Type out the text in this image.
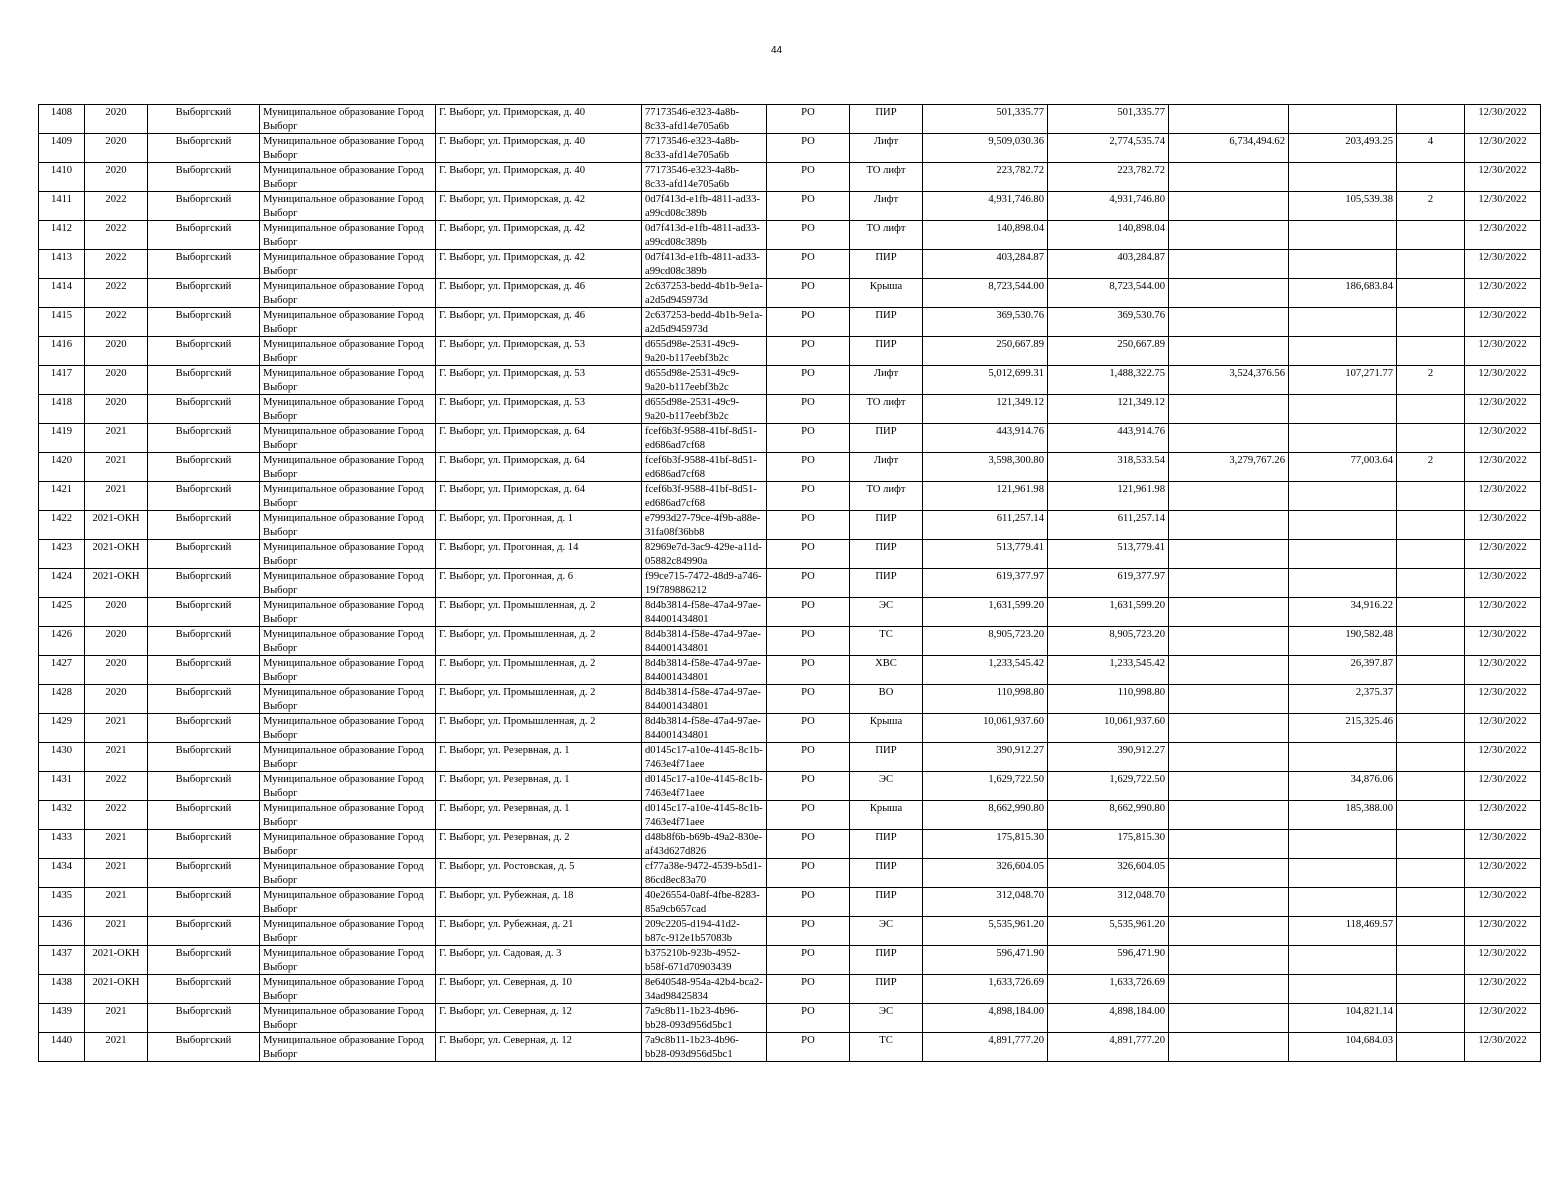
44
1408	2020	Выборгский	Муниципальное образование Город Выборг	Г. Выборг, ул. Приморская, д. 40	77173546-e323-4a8b-8c33-afd14e705a6b	РО	ПИР	501,335.77	501,335.77				12/30/2022
1409	2020	Выборгский	Муниципальное образование Город Выборг	Г. Выборг, ул. Приморская, д. 40	77173546-e323-4a8b-8c33-afd14e705a6b	РО	Лифт	9,509,030.36	2,774,535.74	6,734,494.62	203,493.25	4	12/30/2022
1410	2020	Выборгский	Муниципальное образование Город Выборг	Г. Выборг, ул. Приморская, д. 40	77173546-e323-4a8b-8c33-afd14e705a6b	РО	ТО лифт	223,782.72	223,782.72				12/30/2022
1411	2022	Выборгский	Муниципальное образование Город Выборг	Г. Выборг, ул. Приморская, д. 42	0d7f413d-e1fb-4811-ad33-a99cd08c389b	РО	Лифт	4,931,746.80	4,931,746.80		105,539.38	2	12/30/2022
1412	2022	Выборгский	Муниципальное образование Город Выборг	Г. Выборг, ул. Приморская, д. 42	0d7f413d-e1fb-4811-ad33-a99cd08c389b	РО	ТО лифт	140,898.04	140,898.04				12/30/2022
1413	2022	Выборгский	Муниципальное образование Город Выборг	Г. Выборг, ул. Приморская, д. 42	0d7f413d-e1fb-4811-ad33-a99cd08c389b	РО	ПИР	403,284.87	403,284.87				12/30/2022
1414	2022	Выборгский	Муниципальное образование Город Выборг	Г. Выборг, ул. Приморская, д. 46	2c637253-bedd-4b1b-9e1a-a2d5d945973d	РО	Крыша	8,723,544.00	8,723,544.00		186,683.84		12/30/2022
1415	2022	Выборгский	Муниципальное образование Город Выборг	Г. Выборг, ул. Приморская, д. 46	2c637253-bedd-4b1b-9e1a-a2d5d945973d	РО	ПИР	369,530.76	369,530.76				12/30/2022
1416	2020	Выборгский	Муниципальное образование Город Выборг	Г. Выборг, ул. Приморская, д. 53	d655d98e-2531-49c9-9a20-b117eebf3b2c	РО	ПИР	250,667.89	250,667.89				12/30/2022
1417	2020	Выборгский	Муниципальное образование Город Выборг	Г. Выборг, ул. Приморская, д. 53	d655d98e-2531-49c9-9a20-b117eebf3b2c	РО	Лифт	5,012,699.31	1,488,322.75	3,524,376.56	107,271.77	2	12/30/2022
1418	2020	Выборгский	Муниципальное образование Город Выборг	Г. Выборг, ул. Приморская, д. 53	d655d98e-2531-49c9-9a20-b117eebf3b2c	РО	ТО лифт	121,349.12	121,349.12				12/30/2022
1419	2021	Выборгский	Муниципальное образование Город Выборг	Г. Выборг, ул. Приморская, д. 64	fcef6b3f-9588-41bf-8d51-ed686ad7cf68	РО	ПИР	443,914.76	443,914.76				12/30/2022
1420	2021	Выборгский	Муниципальное образование Город Выборг	Г. Выборг, ул. Приморская, д. 64	fcef6b3f-9588-41bf-8d51-ed686ad7cf68	РО	Лифт	3,598,300.80	318,533.54	3,279,767.26	77,003.64	2	12/30/2022
1421	2021	Выборгский	Муниципальное образование Город Выборг	Г. Выборг, ул. Приморская, д. 64	fcef6b3f-9588-41bf-8d51-ed686ad7cf68	РО	ТО лифт	121,961.98	121,961.98				12/30/2022
1422	2021-ОКН	Выборгский	Муниципальное образование Город Выборг	Г. Выборг, ул. Прогонная, д. 1	e7993d27-79ce-4f9b-a88e-31fa08f36bb8	РО	ПИР	611,257.14	611,257.14				12/30/2022
1423	2021-ОКН	Выборгский	Муниципальное образование Город Выборг	Г. Выборг, ул. Прогонная, д. 14	82969e7d-3ac9-429e-a11d-05882c84990a	РО	ПИР	513,779.41	513,779.41				12/30/2022
1424	2021-ОКН	Выборгский	Муниципальное образование Город Выборг	Г. Выборг, ул. Прогонная, д. 6	f99ce715-7472-48d9-a746-19f789886212	РО	ПИР	619,377.97	619,377.97				12/30/2022
1425	2020	Выборгский	Муниципальное образование Город Выборг	Г. Выборг, ул. Промышленная, д. 2	8d4b3814-f58e-47a4-97ae-844001434801	РО	ЭС	1,631,599.20	1,631,599.20		34,916.22		12/30/2022
1426	2020	Выборгский	Муниципальное образование Город Выборг	Г. Выборг, ул. Промышленная, д. 2	8d4b3814-f58e-47a4-97ae-844001434801	РО	ТС	8,905,723.20	8,905,723.20		190,582.48		12/30/2022
1427	2020	Выборгский	Муниципальное образование Город Выборг	Г. Выборг, ул. Промышленная, д. 2	8d4b3814-f58e-47a4-97ae-844001434801	РО	ХВС	1,233,545.42	1,233,545.42		26,397.87		12/30/2022
1428	2020	Выборгский	Муниципальное образование Город Выборг	Г. Выборг, ул. Промышленная, д. 2	8d4b3814-f58e-47a4-97ae-844001434801	РО	ВО	110,998.80	110,998.80		2,375.37		12/30/2022
1429	2021	Выборгский	Муниципальное образование Город Выборг	Г. Выборг, ул. Промышленная, д. 2	8d4b3814-f58e-47a4-97ae-844001434801	РО	Крыша	10,061,937.60	10,061,937.60		215,325.46		12/30/2022
1430	2021	Выборгский	Муниципальное образование Город Выборг	Г. Выборг, ул. Резервная, д. 1	d0145c17-a10e-4145-8c1b-7463e4f71aee	РО	ПИР	390,912.27	390,912.27				12/30/2022
1431	2022	Выборгский	Муниципальное образование Город Выборг	Г. Выборг, ул. Резервная, д. 1	d0145c17-a10e-4145-8c1b-7463e4f71aee	РО	ЭС	1,629,722.50	1,629,722.50		34,876.06		12/30/2022
1432	2022	Выборгский	Муниципальное образование Город Выборг	Г. Выборг, ул. Резервная, д. 1	d0145c17-a10e-4145-8c1b-7463e4f71aee	РО	Крыша	8,662,990.80	8,662,990.80		185,388.00		12/30/2022
1433	2021	Выборгский	Муниципальное образование Город Выборг	Г. Выборг, ул. Резервная, д. 2	d48b8f6b-b69b-49a2-830e-af43d627d826	РО	ПИР	175,815.30	175,815.30				12/30/2022
1434	2021	Выборгский	Муниципальное образование Город Выборг	Г. Выборг, ул. Ростовская, д. 5	cf77a38e-9472-4539-b5d1-86cd8ec83a70	РО	ПИР	326,604.05	326,604.05				12/30/2022
1435	2021	Выборгский	Муниципальное образование Город Выборг	Г. Выборг, ул. Рубежная, д. 18	40e26554-0a8f-4fbe-8283-85a9cb657cad	РО	ПИР	312,048.70	312,048.70				12/30/2022
1436	2021	Выборгский	Муниципальное образование Город Выборг	Г. Выборг, ул. Рубежная, д. 21	209c2205-d194-41d2-b87c-912e1b57083b	РО	ЭС	5,535,961.20	5,535,961.20		118,469.57		12/30/2022
1437	2021-ОКН	Выборгский	Муниципальное образование Город Выборг	Г. Выборг, ул. Садовая, д. 3	b375210b-923b-4952-b58f-671d70903439	РО	ПИР	596,471.90	596,471.90				12/30/2022
1438	2021-ОКН	Выборгский	Муниципальное образование Город Выборг	Г. Выборг, ул. Северная, д. 10	8e640548-954a-42b4-bca2-34ad98425834	РО	ПИР	1,633,726.69	1,633,726.69				12/30/2022
1439	2021	Выборгский	Муниципальное образование Город Выборг	Г. Выборг, ул. Северная, д. 12	7a9c8b11-1b23-4b96-bb28-093d956d5bc1	РО	ЭС	4,898,184.00	4,898,184.00		104,821.14		12/30/2022
1440	2021	Выборгский	Муниципальное образование Город Выборг	Г. Выборг, ул. Северная, д. 12	7a9c8b11-1b23-4b96-bb28-093d956d5bc1	РО	ТС	4,891,777.20	4,891,777.20		104,684.03		12/30/2022
